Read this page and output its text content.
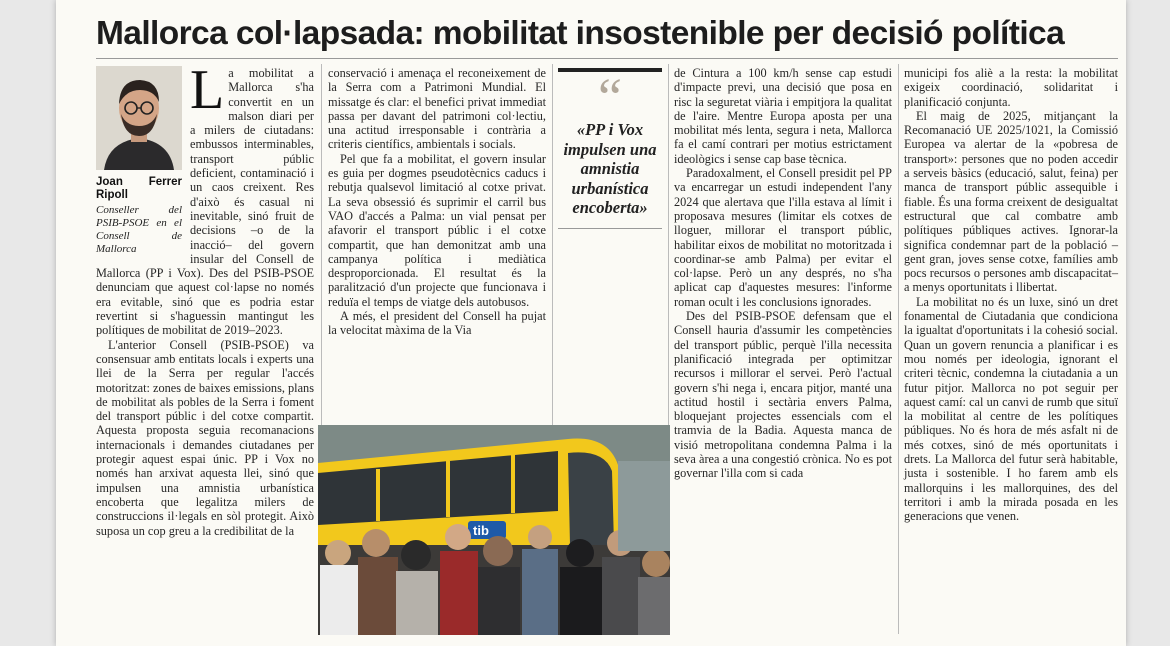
Mallorca col·lapsada: mobilitat insostenible per decisió política
Joan Ferrer Ripoll
Conseller del PSIB-PSOE en el Consell de Mallorca
L a mobilitat a Mallorca s'ha convertit en un malson diari per a milers de ciutadans: embussos interminables, transport públic deficient, contaminació i un caos creixent. Res d'això és casual ni inevitable, sinó fruit de decisions –o de la inacció– del govern insular del Consell de Mallorca (PP i Vox). Des del PSIB-PSOE denunciam que aquest col·lapse no només era evitable, sinó que es podria estar revertint si s'haguessin mantingut les polítiques de mobilitat de 2019–2023.

L'anterior Consell (PSIB-PSOE) va consensuar amb entitats locals i experts una llei de la Serra per regular l'accés motoritzat: zones de baixes emissions, plans de mobilitat als pobles de la Serra i foment del transport públic i del cotxe compartit. Aquesta proposta seguia recomanacions internacionals i demandes ciutadanes per protegir aquest espai únic. PP i Vox no només han arxivat aquesta llei, sinó que impulsen una amnistia urbanística encoberta que legalitza milers de construccions il·legals en sòl protegit. Això suposa un cop greu a la credibilitat de la

conservació i amenaça el reconeixement de la Serra com a Patrimoni Mundial. El missatge és clar: el benefici privat immediat passa per davant del patrimoni col·lectiu, una actitud irresponsable i contrària a criteris científics, ambientals i socials.

Pel que fa a mobilitat, el govern insular es guia per dogmes pseudotècnics caducs i rebutja qualsevol limitació al cotxe privat. La seva obsessió és suprimir el carril bus VAO d'accés a Palma: un vial pensat per afavorir el transport públic i el cotxe compartit, que han demonitzat amb una campanya política i mediàtica desproporcionada. El resultat és la paralització d'un projecte que funcionava i reduïa el temps de viatge dels autobusos.

A més, el president del Consell ha pujat la velocitat màxima de la Via

“
«PP i Vox impulsen una amnistia urbanística encoberta»

de Cintura a 100 km/h sense cap estudi d'impacte previ, una decisió que posa en risc la seguretat viària i empitjora la qualitat de l'aire. Mentre Europa aposta per una mobilitat més lenta, segura i neta, Mallorca fa el camí contrari per motius estrictament ideològics i sense cap base tècnica.

Paradoxalment, el Consell presidit pel PP va encarregar un estudi independent l'any 2024 que alertava que l'illa estava al límit i proposava mesures (limitar els cotxes de lloguer, millorar el transport públic, habilitar eixos de mobilitat no motoritzada i coordinar-se amb Palma) per evitar el col·lapse. Però un any després, no s'ha aplicat cap d'aquestes mesures: l'informe roman ocult i les conclusions ignorades.

Des del PSIB-PSOE defensam que el Consell hauria d'assumir les competències del transport públic, perquè l'illa necessita planificació integrada per optimitzar recursos i millorar el servei. Però l'actual govern s'hi nega i, encara pitjor, manté una actitud hostil i sectària envers Palma, bloquejant projectes essencials com el tramvia de la Badia. Aquesta manca de visió metropolitana condemna Palma i la seva àrea a una congestió crònica. No es pot governar l'illa com si cada

municipi fos aliè a la resta: la mobilitat exigeix coordinació, solidaritat i planificació conjunta.

El maig de 2025, mitjançant la Recomanació UE 2025/1021, la Comissió Europea va alertar de la «pobresa de transport»: persones que no poden accedir a serveis bàsics (educació, salut, feina) per manca de transport públic assequible i fiable. És una forma creixent de desigualtat estructural que cal combatre amb polítiques públiques actives. Ignorar-la significa condemnar part de la població –gent gran, joves sense cotxe, famílies amb pocs recursos o persones amb discapacitat– a menys oportunitats i llibertat.

La mobilitat no és un luxe, sinó un dret fonamental de Ciutadania que condiciona la igualtat d'oportunitats i la cohesió social. Quan un govern renuncia a planificar i es mou només per ideologia, ignorant el criteri tècnic, condemna la ciutadania a un futur pitjor. Mallorca no pot seguir per aquest camí: cal un canvi de rumb que situï la mobilitat al centre de les polítiques públiques. No és hora de més asfalt ni de més cotxes, sinó de més oportunitats i drets. La Mallorca del futur serà habitable, justa i sostenible. I ho farem amb els mallorquins i les mallorquines, des del territori i amb la mirada posada en les generacions que venen.

tib
